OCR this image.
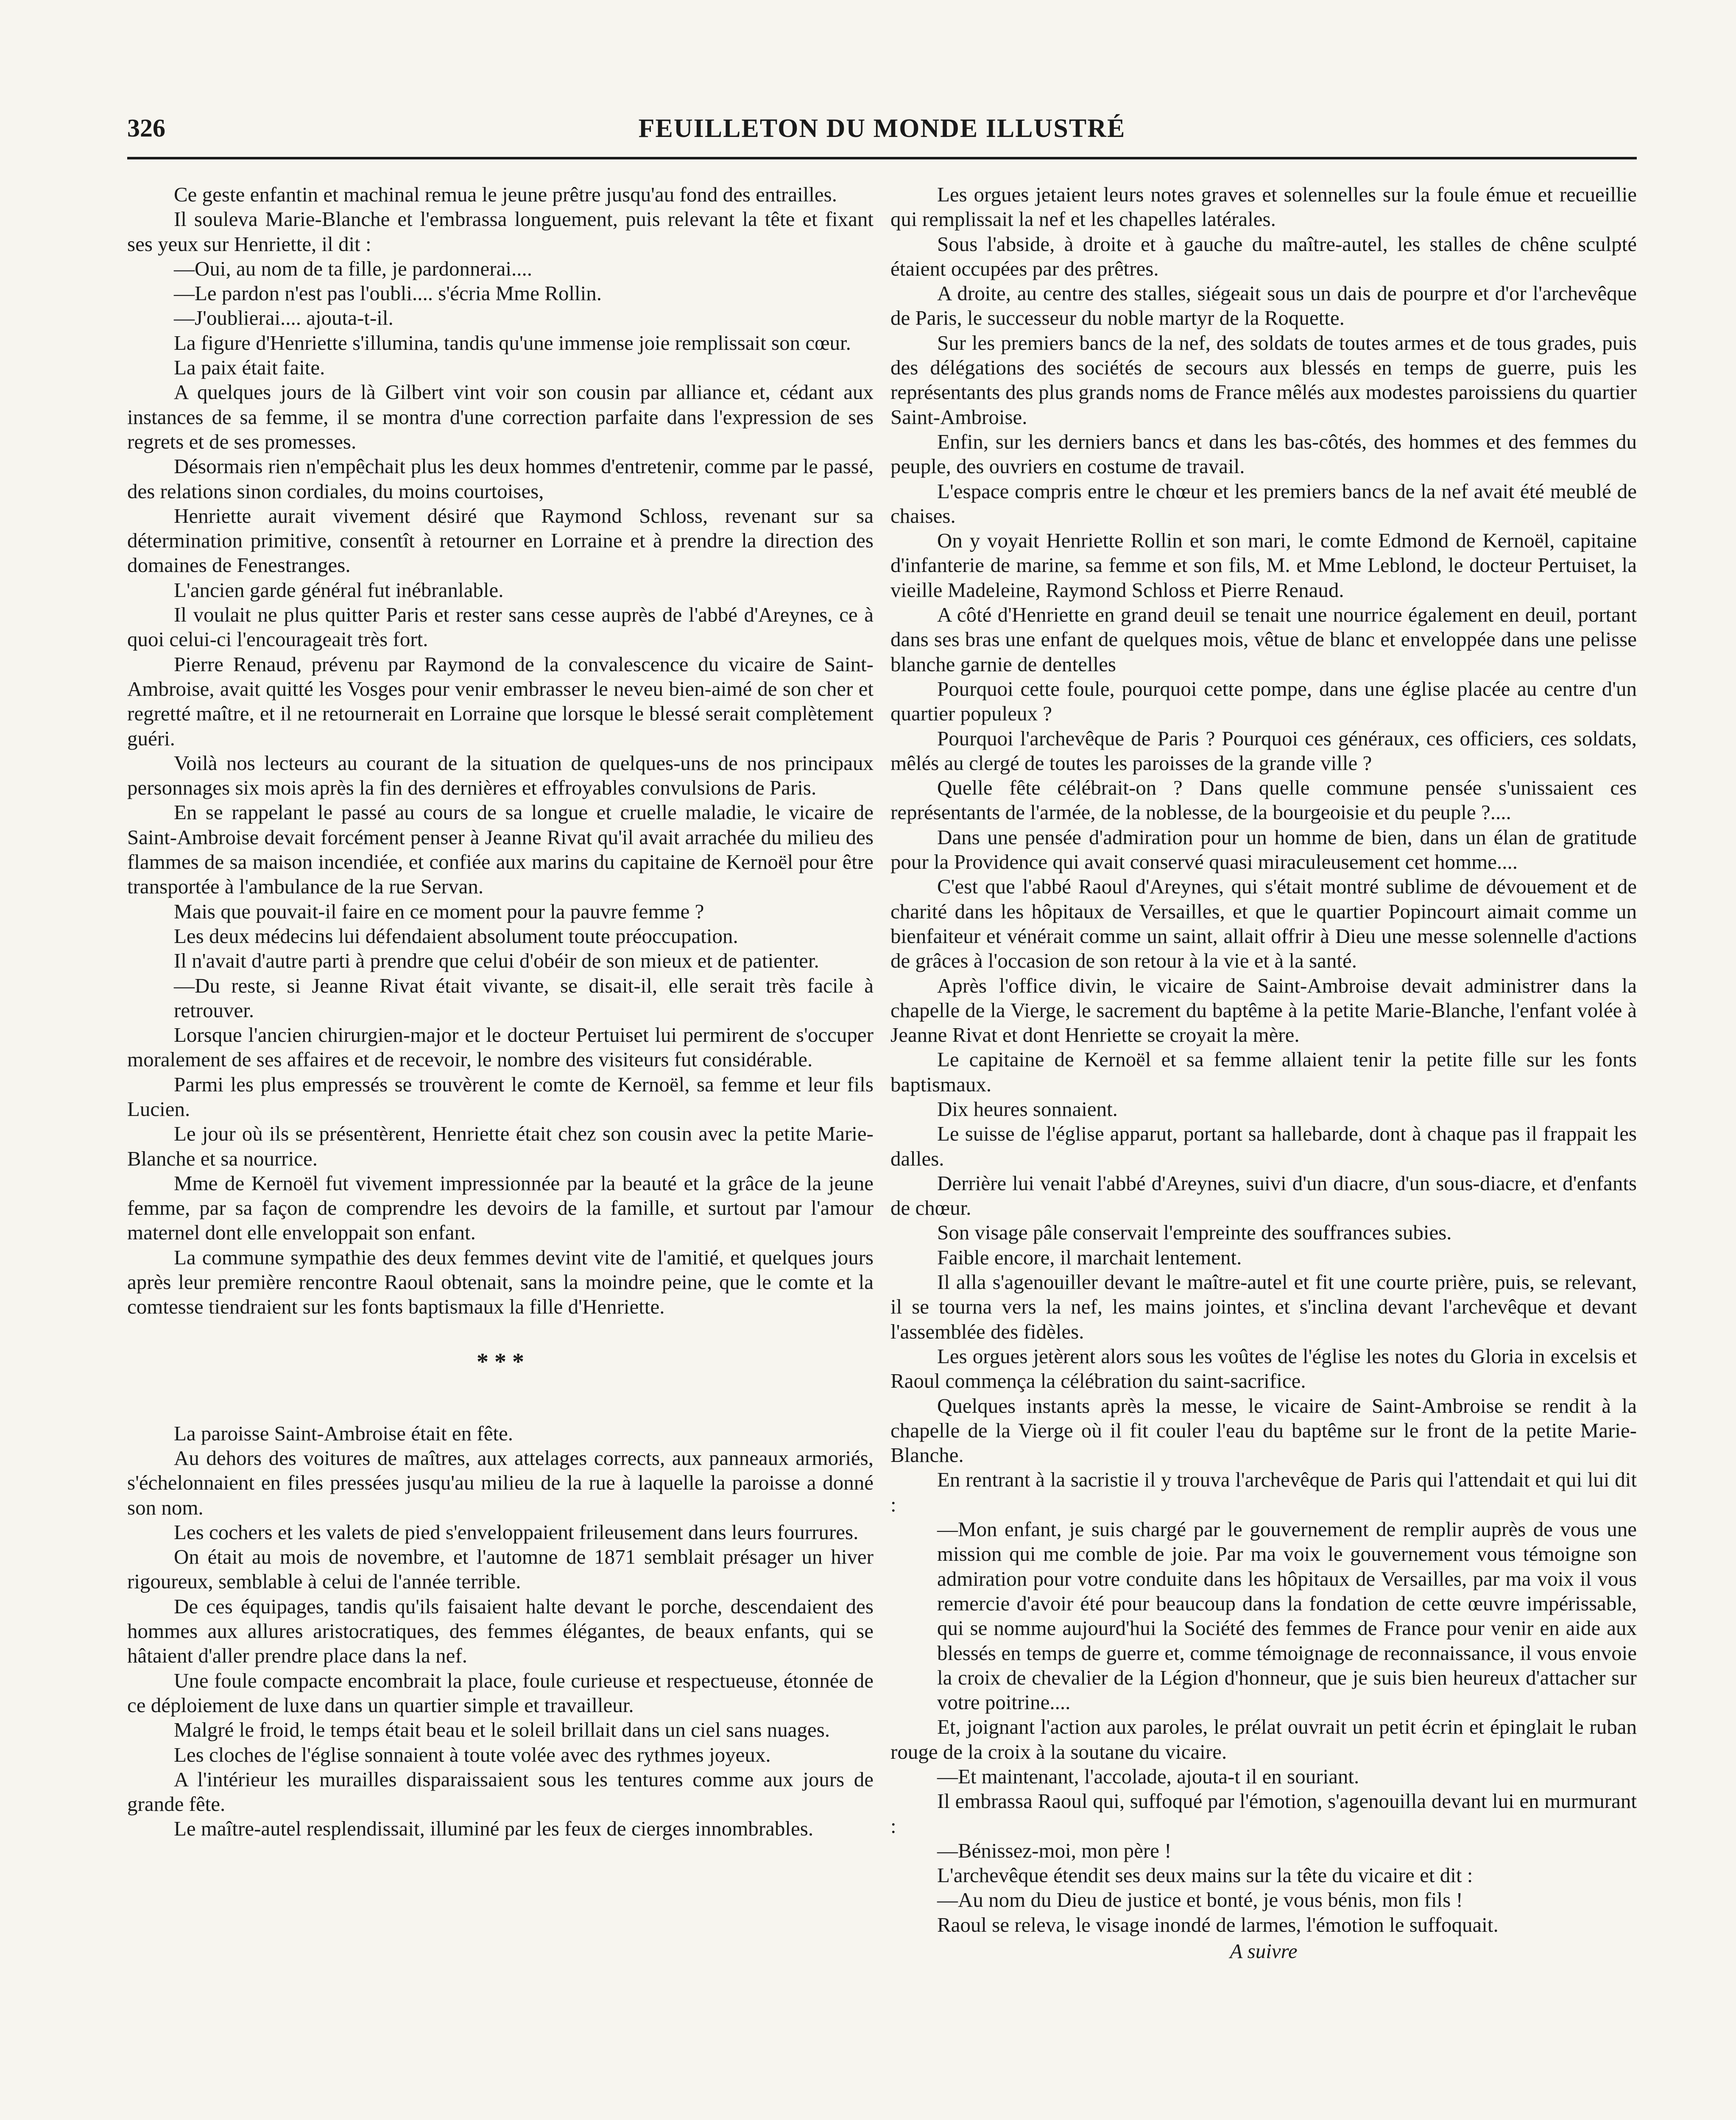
326	FEUILLETON DU MONDE ILLUSTRÉ

Ce geste enfantin et machinal remua le jeune prêtre jusqu'au fond des entrailles.

Il souleva Marie-Blanche et l'embrassa longuement, puis relevant la tête et fixant ses yeux sur Henriette, il dit :

—Oui, au nom de ta fille, je pardonnerai....

—Le pardon n'est pas l'oubli.... s'écria Mme Rollin.

—J'oublierai.... ajouta-t-il.

La figure d'Henriette s'illumina, tandis qu'une immense joie remplissait son cœur.

La paix était faite.

A quelques jours de là Gilbert vint voir son cousin par alliance et, cédant aux instances de sa femme, il se montra d'une correction parfaite dans l'expression de ses regrets et de ses promesses.

Désormais rien n'empêchait plus les deux hommes d'entretenir, comme par le passé, des relations sinon cordiales, du moins courtoises,

Henriette aurait vivement désiré que Raymond Schloss, revenant sur sa détermination primitive, consentît à retourner en Lorraine et à prendre la direction des domaines de Fenestranges.

L'ancien garde général fut inébranlable.

Il voulait ne plus quitter Paris et rester sans cesse auprès de l'abbé d'Areynes, ce à quoi celui-ci l'encourageait très fort.

Pierre Renaud, prévenu par Raymond de la convalescence du vicaire de Saint-Ambroise, avait quitté les Vosges pour venir embrasser le neveu bien-aimé de son cher et regretté maître, et il ne retournerait en Lorraine que lorsque le blessé serait complètement guéri.

Voilà nos lecteurs au courant de la situation de quelques-uns de nos principaux personnages six mois après la fin des dernières et effroyables convulsions de Paris.

En se rappelant le passé au cours de sa longue et cruelle maladie, le vicaire de Saint-Ambroise devait forcément penser à Jeanne Rivat qu'il avait arrachée du milieu des flammes de sa maison incendiée, et confiée aux marins du capitaine de Kernoël pour être transportée à l'ambulance de la rue Servan.

Mais que pouvait-il faire en ce moment pour la pauvre femme ?

Les deux médecins lui défendaient absolument toute préoccupation.

Il n'avait d'autre parti à prendre que celui d'obéir de son mieux et de patienter.

—Du reste, si Jeanne Rivat était vivante, se disait-il, elle serait très facile à retrouver.

Lorsque l'ancien chirurgien-major et le docteur Pertuiset lui permirent de s'occuper moralement de ses affaires et de recevoir, le nombre des visiteurs fut considérable.

Parmi les plus empressés se trouvèrent le comte de Kernoël, sa femme et leur fils Lucien.

Le jour où ils se présentèrent, Henriette était chez son cousin avec la petite Marie-Blanche et sa nourrice.

Mme de Kernoël fut vivement impressionnée par la beauté et la grâce de la jeune femme, par sa façon de comprendre les devoirs de la famille, et surtout par l'amour maternel dont elle enveloppait son enfant.

La commune sympathie des deux femmes devint vite de l'amitié, et quelques jours après leur première rencontre Raoul obtenait, sans la moindre peine, que le comte et la comtesse tiendraient sur les fonts baptismaux la fille d'Henriette.

* * *

La paroisse Saint-Ambroise était en fête.

Au dehors des voitures de maîtres, aux attelages corrects, aux panneaux armoriés, s'échelonnaient en files pressées jusqu'au milieu de la rue à laquelle la paroisse a donné son nom.

Les cochers et les valets de pied s'enveloppaient frileusement dans leurs fourrures.

On était au mois de novembre, et l'automne de 1871 semblait présager un hiver rigoureux, semblable à celui de l'année terrible.

De ces équipages, tandis qu'ils faisaient halte devant le porche, descendaient des hommes aux allures aristocratiques, des femmes élégantes, de beaux enfants, qui se hâtaient d'aller prendre place dans la nef.

Une foule compacte encombrait la place, foule curieuse et respectueuse, étonnée de ce déploiement de luxe dans un quartier simple et travailleur.

Malgré le froid, le temps était beau et le soleil brillait dans un ciel sans nuages.

Les cloches de l'église sonnaient à toute volée avec des rythmes joyeux.

A l'intérieur les murailles disparaissaient sous les tentures comme aux jours de grande fête.

Le maître-autel resplendissait, illuminé par les feux de cierges innombrables.

Les orgues jetaient leurs notes graves et solennelles sur la foule émue et recueillie qui remplissait la nef et les chapelles latérales.

Sous l'abside, à droite et à gauche du maître-autel, les stalles de chêne sculpté étaient occupées par des prêtres.

A droite, au centre des stalles, siégeait sous un dais de pourpre et d'or l'archevêque de Paris, le successeur du noble martyr de la Roquette.

Sur les premiers bancs de la nef, des soldats de toutes armes et de tous grades, puis des délégations des sociétés de secours aux blessés en temps de guerre, puis les représentants des plus grands noms de France mêlés aux modestes paroissiens du quartier Saint-Ambroise.

Enfin, sur les derniers bancs et dans les bas-côtés, des hommes et des femmes du peuple, des ouvriers en costume de travail.

L'espace compris entre le chœur et les premiers bancs de la nef avait été meublé de chaises.

On y voyait Henriette Rollin et son mari, le comte Edmond de Kernoël, capitaine d'infanterie de marine, sa femme et son fils, M. et Mme Leblond, le docteur Pertuiset, la vieille Madeleine, Raymond Schloss et Pierre Renaud.

A côté d'Henriette en grand deuil se tenait une nourrice également en deuil, portant dans ses bras une enfant de quelques mois, vêtue de blanc et enveloppée dans une pelisse blanche garnie de dentelles

Pourquoi cette foule, pourquoi cette pompe, dans une église placée au centre d'un quartier populeux ?

Pourquoi l'archevêque de Paris ? Pourquoi ces généraux, ces officiers, ces soldats, mêlés au clergé de toutes les paroisses de la grande ville ?

Quelle fête célébrait-on ? Dans quelle commune pensée s'unissaient ces représentants de l'armée, de la noblesse, de la bourgeoisie et du peuple ?....

Dans une pensée d'admiration pour un homme de bien, dans un élan de gratitude pour la Providence qui avait conservé quasi miraculeusement cet homme....

C'est que l'abbé Raoul d'Areynes, qui s'était montré sublime de dévouement et de charité dans les hôpitaux de Versailles, et que le quartier Popincourt aimait comme un bienfaiteur et vénérait comme un saint, allait offrir à Dieu une messe solennelle d'actions de grâces à l'occasion de son retour à la vie et à la santé.

Après l'office divin, le vicaire de Saint-Ambroise devait administrer dans la chapelle de la Vierge, le sacrement du baptême à la petite Marie-Blanche, l'enfant volée à Jeanne Rivat et dont Henriette se croyait la mère.

Le capitaine de Kernoël et sa femme allaient tenir la petite fille sur les fonts baptismaux.

Dix heures sonnaient.

Le suisse de l'église apparut, portant sa hallebarde, dont à chaque pas il frappait les dalles.

Derrière lui venait l'abbé d'Areynes, suivi d'un diacre, d'un sous-diacre, et d'enfants de chœur.

Son visage pâle conservait l'empreinte des souffrances subies.

Faible encore, il marchait lentement.

Il alla s'agenouiller devant le maître-autel et fit une courte prière, puis, se relevant, il se tourna vers la nef, les mains jointes, et s'inclina devant l'archevêque et devant l'assemblée des fidèles.

Les orgues jetèrent alors sous les voûtes de l'église les notes du Gloria in excelsis et Raoul commença la célébration du saint-sacrifice.

Quelques instants après la messe, le vicaire de Saint-Ambroise se rendit à la chapelle de la Vierge où il fit couler l'eau du baptême sur le front de la petite Marie-Blanche.

En rentrant à la sacristie il y trouva l'archevêque de Paris qui l'attendait et qui lui dit :

—Mon enfant, je suis chargé par le gouvernement de remplir auprès de vous une mission qui me comble de joie. Par ma voix le gouvernement vous témoigne son admiration pour votre conduite dans les hôpitaux de Versailles, par ma voix il vous remercie d'avoir été pour beaucoup dans la fondation de cette œuvre impérissable, qui se nomme aujourd'hui la Société des femmes de France pour venir en aide aux blessés en temps de guerre et, comme témoignage de reconnaissance, il vous envoie la croix de chevalier de la Légion d'honneur, que je suis bien heureux d'attacher sur votre poitrine....

Et, joignant l'action aux paroles, le prélat ouvrait un petit écrin et épinglait le ruban rouge de la croix à la soutane du vicaire.

—Et maintenant, l'accolade, ajouta-t il en souriant.

Il embrassa Raoul qui, suffoqué par l'émotion, s'agenouilla devant lui en murmurant :

—Bénissez-moi, mon père !

L'archevêque étendit ses deux mains sur la tête du vicaire et dit :

—Au nom du Dieu de justice et bonté, je vous bénis, mon fils !

Raoul se releva, le visage inondé de larmes, l'émotion le suffoquait.

A suivre
